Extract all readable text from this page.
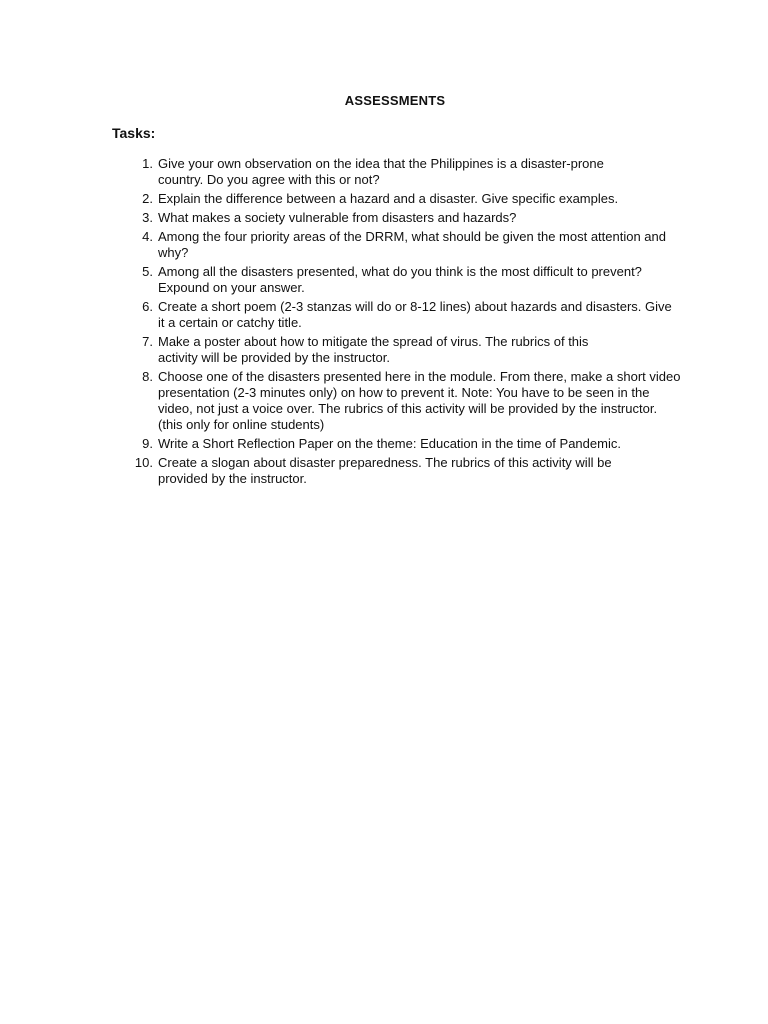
ASSESSMENTS
Tasks:
1. Give your own observation on the idea that the Philippines is a disaster-prone country. Do you agree with this or not?
2. Explain the difference between a hazard and a disaster. Give specific examples.
3. What makes a society vulnerable from disasters and hazards?
4. Among the four priority areas of the DRRM, what should be given the most attention and why?
5. Among all the disasters presented, what do you think is the most difficult to prevent? Expound on your answer.
6. Create a short poem (2-3 stanzas will do or 8-12 lines) about hazards and disasters. Give it a certain or catchy title.
7. Make a poster about how to mitigate the spread of virus. The rubrics of this activity will be provided by the instructor.
8. Choose one of the disasters presented here in the module. From there, make a short video presentation (2-3 minutes only) on how to prevent it. Note: You have to be seen in the video, not just a voice over. The rubrics of this activity will be provided by the instructor. (this only for online students)
9. Write a Short Reflection Paper on the theme: Education in the time of Pandemic.
10. Create a slogan about disaster preparedness. The rubrics of this activity will be provided by the instructor.
